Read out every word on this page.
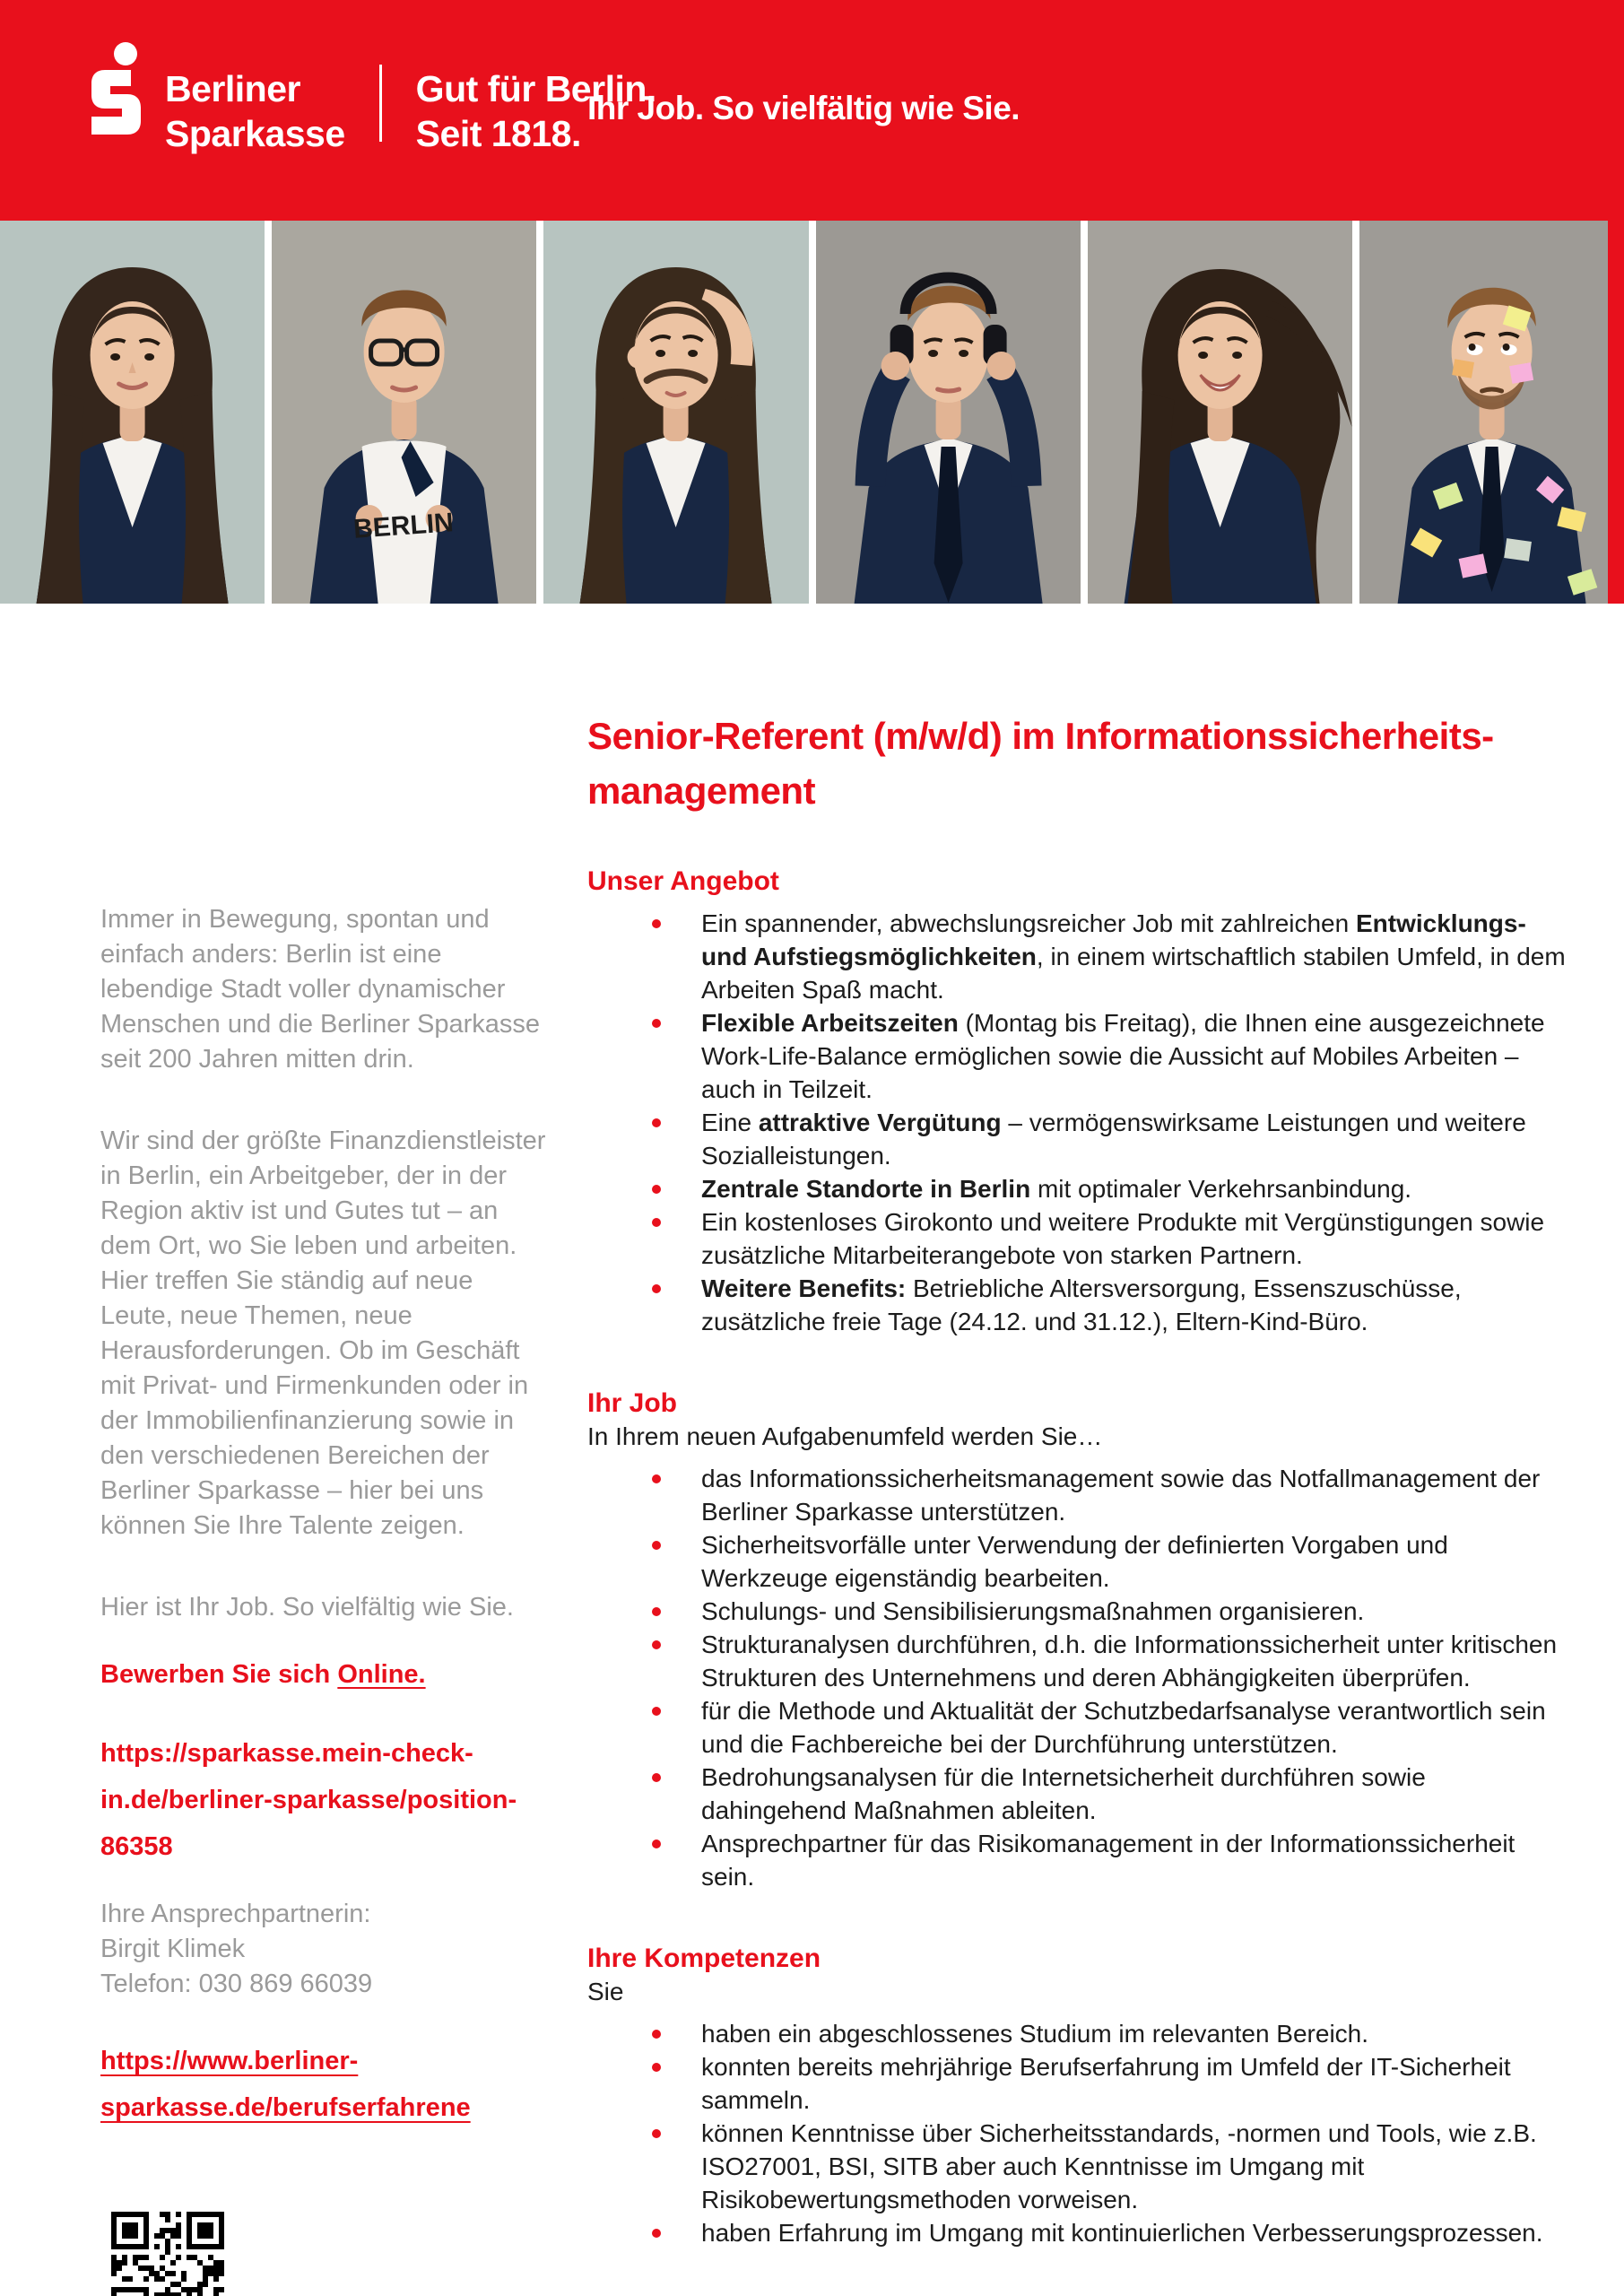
Berliner
Sparkasse
Gut für Berlin.
Seit 1818.
Ihr Job. So vielfältig wie Sie.
BERLIN

Immer in Bewegung, spontan und einfach anders: Berlin ist eine lebendige Stadt voller dynamischer Menschen und die Berliner Sparkasse seit 200 Jahren mitten drin.

Wir sind der größte Finanzdienstleister in Berlin, ein Arbeitgeber, der in der Region aktiv ist und Gutes tut – an dem Ort, wo Sie leben und arbeiten. Hier treffen Sie ständig auf neue Leute, neue Themen, neue Herausforderungen. Ob im Geschäft mit Privat- und Firmenkunden oder in der Immobilienfinanzierung sowie in den verschiedenen Bereichen der Berliner Sparkasse – hier bei uns können Sie Ihre Talente zeigen.

Hier ist Ihr Job. So vielfältig wie Sie.

Bewerben Sie sich Online.
https://sparkasse.mein-check-
in.de/berliner-sparkasse/position-
86358
Ihre Ansprechpartnerin:
Birgit Klimek
Telefon: 030 869 66039
https://www.berliner-
sparkasse.de/berufserfahrene
Senior-Referent (m/w/d) im Informationssicherheits-
management
Unser Angebot
Ein spannender, abwechslungsreicher Job mit zahlreichen Entwicklungs- und Aufstiegsmöglichkeiten, in einem wirtschaftlich stabilen Umfeld, in dem Arbeiten Spaß macht.
Flexible Arbeitszeiten (Montag bis Freitag), die Ihnen eine ausgezeichnete Work-Life-Balance ermöglichen sowie die Aussicht auf Mobiles Arbeiten – auch in Teilzeit.
Eine attraktive Vergütung – vermögenswirksame Leistungen und weitere Sozialleistungen.
Zentrale Standorte in Berlin mit optimaler Verkehrsanbindung.
Ein kostenloses Girokonto und weitere Produkte mit Vergünstigungen sowie zusätzliche Mitarbeiterangebote von starken Partnern.
Weitere Benefits: Betriebliche Altersversorgung, Essenszuschüsse, zusätzliche freie Tage (24.12. und 31.12.), Eltern-Kind-Büro.
Ihr Job

In Ihrem neuen Aufgabenumfeld werden Sie…

das Informationssicherheitsmanagement sowie das Notfallmanagement der Berliner Sparkasse unterstützen.
Sicherheitsvorfälle unter Verwendung der definierten Vorgaben und Werkzeuge eigenständig bearbeiten.
Schulungs- und Sensibilisierungsmaßnahmen organisieren.
Strukturanalysen durchführen, d.h. die Informationssicherheit unter kritischen Strukturen des Unternehmens und deren Abhängigkeiten überprüfen.
für die Methode und Aktualität der Schutzbedarfsanalyse verantwortlich sein und die Fachbereiche bei der Durchführung unterstützen.
Bedrohungsanalysen für die Internetsicherheit durchführen sowie dahingehend Maßnahmen ableiten.
Ansprechpartner für das Risikomanagement in der Informationssicherheit sein.
Ihre Kompetenzen

Sie

haben ein abgeschlossenes Studium im relevanten Bereich.
konnten bereits mehrjährige Berufserfahrung im Umfeld der IT-Sicherheit sammeln.
können Kenntnisse über Sicherheitsstandards, -normen und Tools, wie z.B. ISO27001, BSI, SITB aber auch Kenntnisse im Umgang mit Risikobewertungsmethoden vorweisen.
haben Erfahrung im Umgang mit kontinuierlichen Verbesserungsprozessen.
